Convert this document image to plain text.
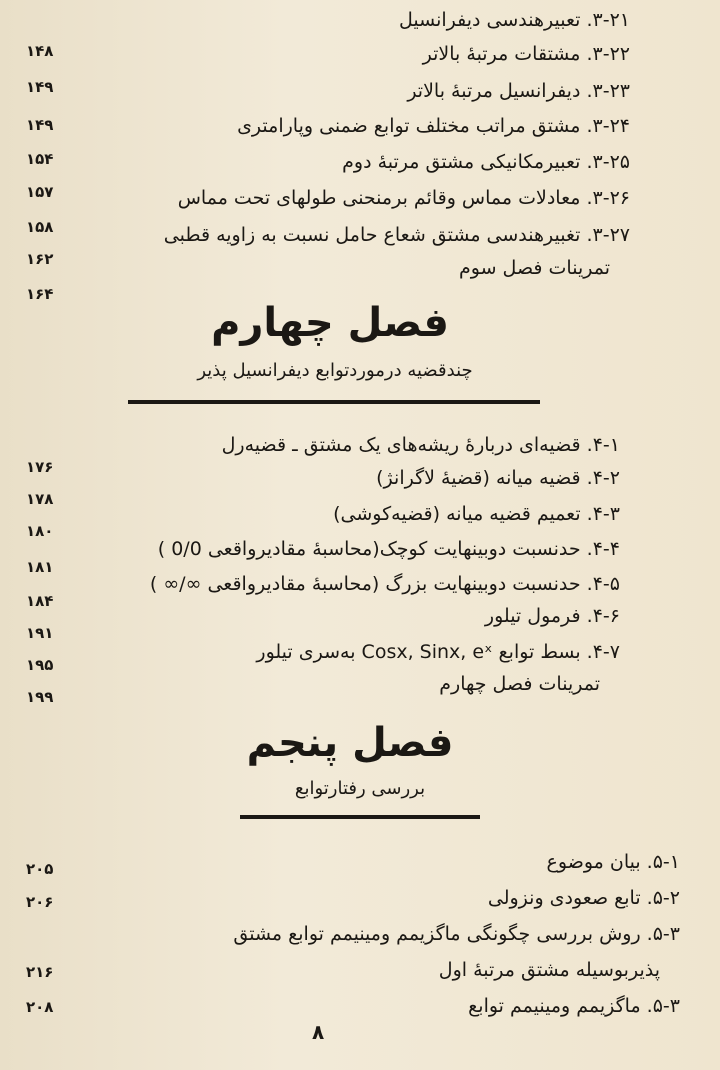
۳-۲۱. تعبیرهندسی دیفرانسیل
۳-۲۲. مشتقات مرتبهٔ بالاتر
۳-۲۳. دیفرانسیل مرتبهٔ بالاتر
۳-۲۴. مشتق مراتب مختلف توابع ضمنی وپارامتری
۳-۲۵. تعبیرمکانیکی مشتق مرتبهٔ دوم
۳-۲۶. معادلات مماس وقائم برمنحنی طولهای تحت مماس
۳-۲۷. تغبیرهندسی مشتق شعاع حامل نسبت به زاویه قطبی
تمرینات فصل سوم
۱۴۸
۱۴۹
۱۴۹
۱۵۴
۱۵۷
۱۵۸
۱۶۲
۱۶۴
فصل چهارم
چندقضیه درموردتوابع دیفرانسیل پذیر
۴-۱. قضیه‌ای درباره‌ٔ ریشه‌های یک مشتق ـ قضیه‌رل
۴-۲. قضیه میانه (قضیهٔ لاگرانژ)
۴-۳. تعمیم قضیه میانه (قضیه‌کوشی)
۴-۴. حدنسبت دوبینهایت کوچک(محاسبهٔ مقادیرواقعی 0/0 )
۴-۵. حدنسبت دوبینهایت بزرگ (محاسبهٔ مقادیرواقعی ∞/∞ )
۴-۶. فرمول تیلور
۴-۷. بسط توابع Cosx, Sinx, eˣ به‌سری تیلور
تمرینات فصل چهارم
۱۷۶
۱۷۸
۱۸۰
۱۸۱
۱۸۴
۱۹۱
۱۹۵
۱۹۹
فصل پنجم
بررسی رفتارتوابع
۵-۱. بیان موضوع
۵-۲. تابع صعودی ونزولی
۵-۳. روش بررسی چگونگی ماگزیمم ومینیمم توابع مشتق
پذیربوسیله مشتق مرتبهٔ اول
۵-۳. ماگزیمم ومینیمم توابع
۲۰۵
۲۰۶
۲۱۶
۲۰۸
۸
